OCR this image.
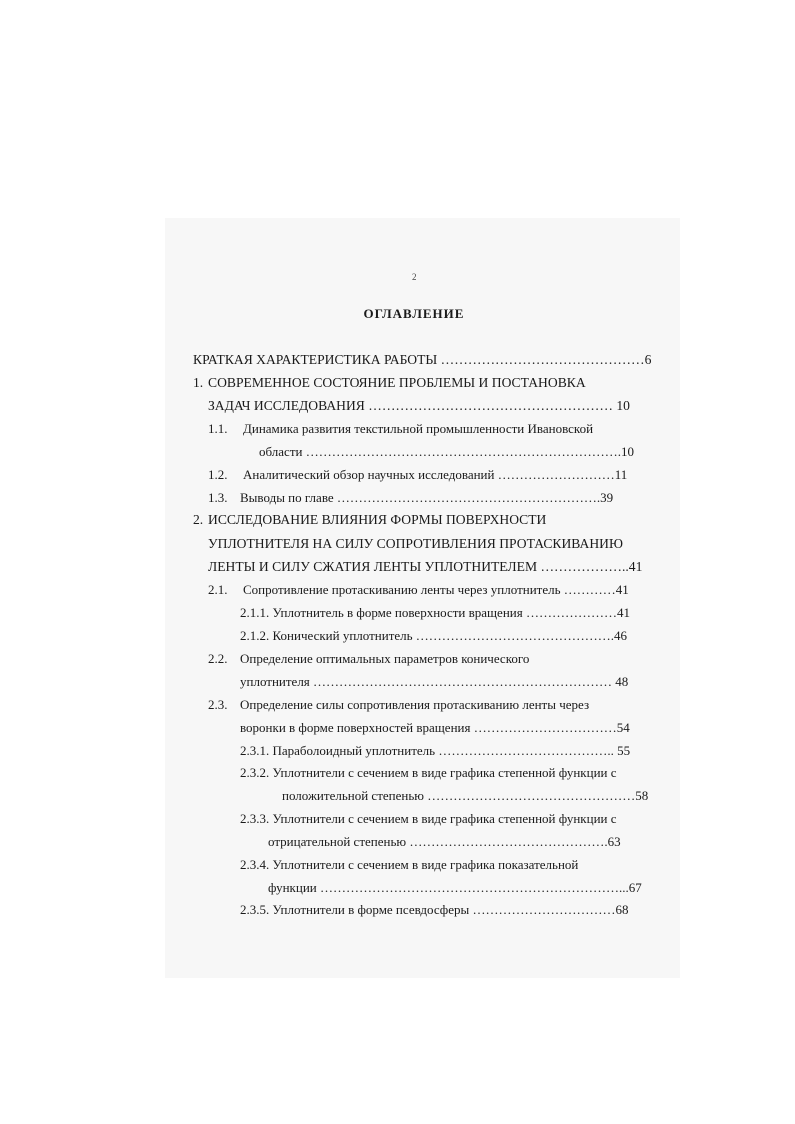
2
ОГЛАВЛЕНИЕ
КРАТКАЯ ХАРАКТЕРИСТИКА РАБОТЫ ………………………………………6
1. СОВРЕМЕННОЕ СОСТОЯНИЕ ПРОБЛЕМЫ И ПОСТАНОВКА
ЗАДАЧ ИССЛЕДОВАНИЯ ……………………………………………… 10
1.1. Динамика развития текстильной промышленности Ивановской
области ……………………………………………………………….10
1.2. Аналитический обзор научных исследований ………………………11
1.3. Выводы по главе …………………………………………………….39
2. ИССЛЕДОВАНИЕ ВЛИЯНИЯ ФОРМЫ ПОВЕРХНОСТИ
УПЛОТНИТЕЛЯ НА СИЛУ СОПРОТИВЛЕНИЯ ПРОТАСКИВАНИЮ
ЛЕНТЫ И СИЛУ СЖАТИЯ ЛЕНТЫ УПЛОТНИТЕЛЕМ ………………..41
2.1. Сопротивление протаскиванию ленты через уплотнитель …………41
2.1.1. Уплотнитель в форме поверхности вращения …………………41
2.1.2. Конический уплотнитель ……………………………………….46
2.2. Определение оптимальных параметров конического
уплотнителя …………………………………………………………… 48
2.3. Определение силы сопротивления протаскиванию ленты через
воронки в форме поверхностей вращения ……………………………54
2.3.1. Параболоидный уплотнитель ………………………………….. 55
2.3.2. Уплотнители с сечением в виде графика степенной функции с
положительной степенью …………………………………………58
2.3.3. Уплотнители с сечением в виде графика степенной функции с
отрицательной степенью ……………………………………….63
2.3.4. Уплотнители с сечением в виде графика показательной
функции ……………………………………………………………...67
2.3.5. Уплотнители в форме псевдосферы ……………………………68
